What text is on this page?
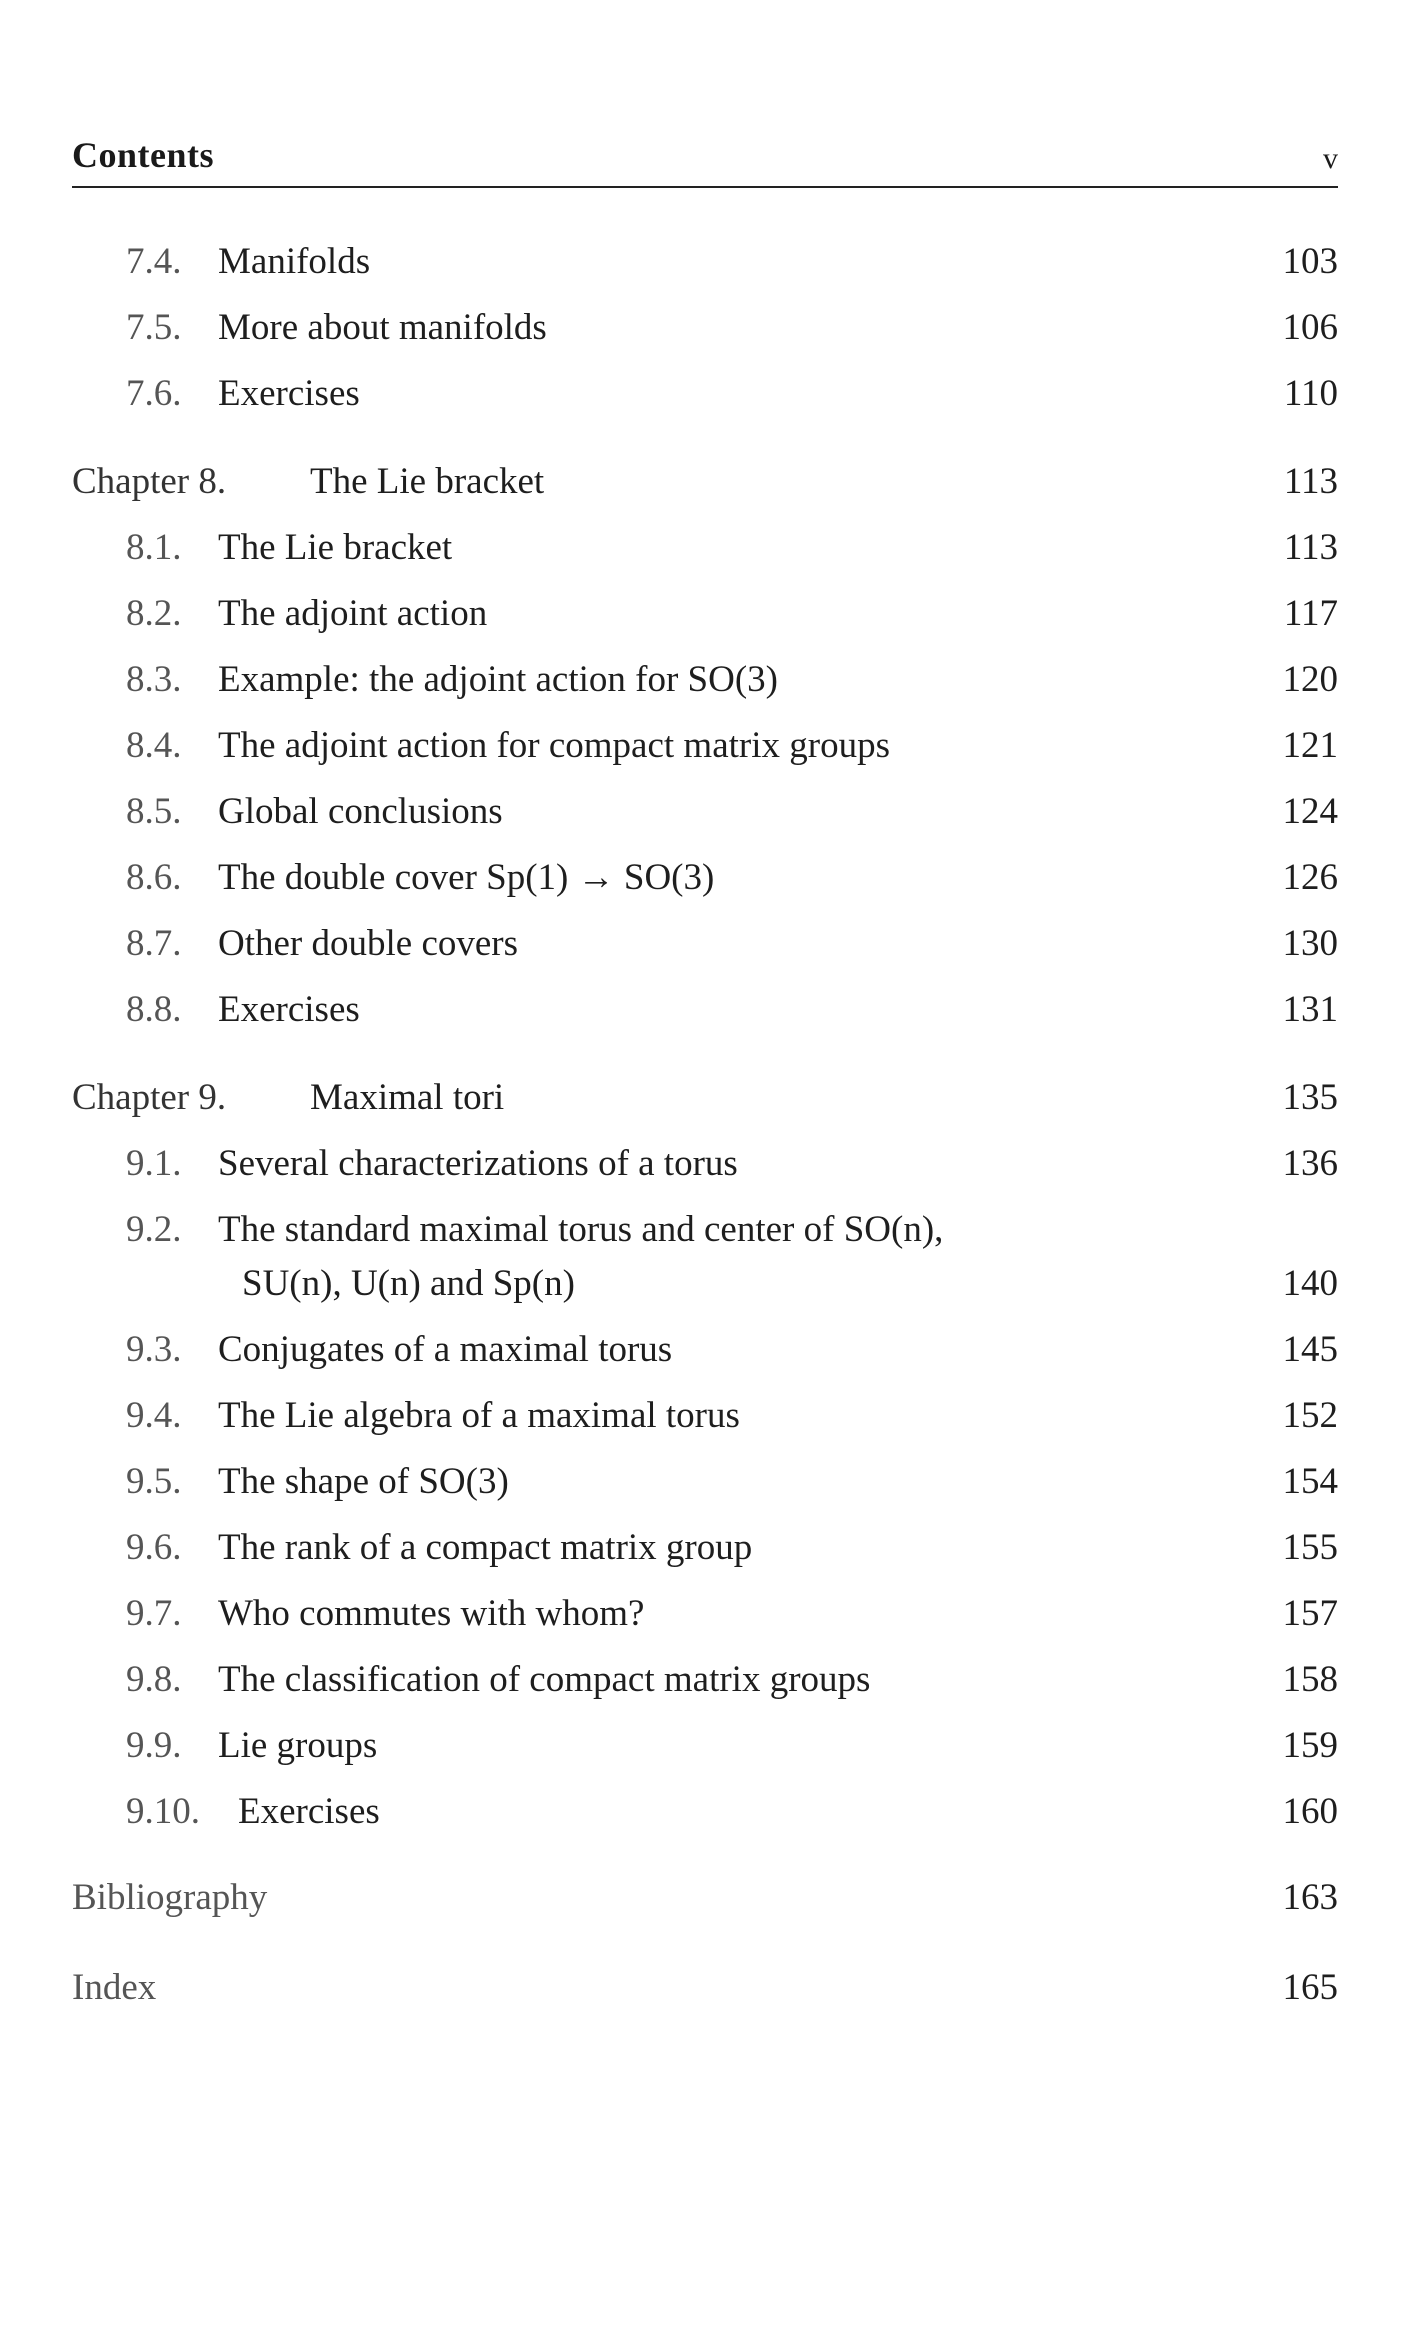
Contents	v
7.4. Manifolds	103
7.5. More about manifolds	106
7.6. Exercises	110
Chapter 8. The Lie bracket	113
8.1. The Lie bracket	113
8.2. The adjoint action	117
8.3. Example: the adjoint action for SO(3)	120
8.4. The adjoint action for compact matrix groups	121
8.5. Global conclusions	124
8.6. The double cover Sp(1) → SO(3)	126
8.7. Other double covers	130
8.8. Exercises	131
Chapter 9. Maximal tori	135
9.1. Several characterizations of a torus	136
9.2. The standard maximal torus and center of SO(n),
SU(n), U(n) and Sp(n)	140
9.3. Conjugates of a maximal torus	145
9.4. The Lie algebra of a maximal torus	152
9.5. The shape of SO(3)	154
9.6. The rank of a compact matrix group	155
9.7. Who commutes with whom?	157
9.8. The classification of compact matrix groups	158
9.9. Lie groups	159
9.10. Exercises	160
Bibliography	163
Index	165
